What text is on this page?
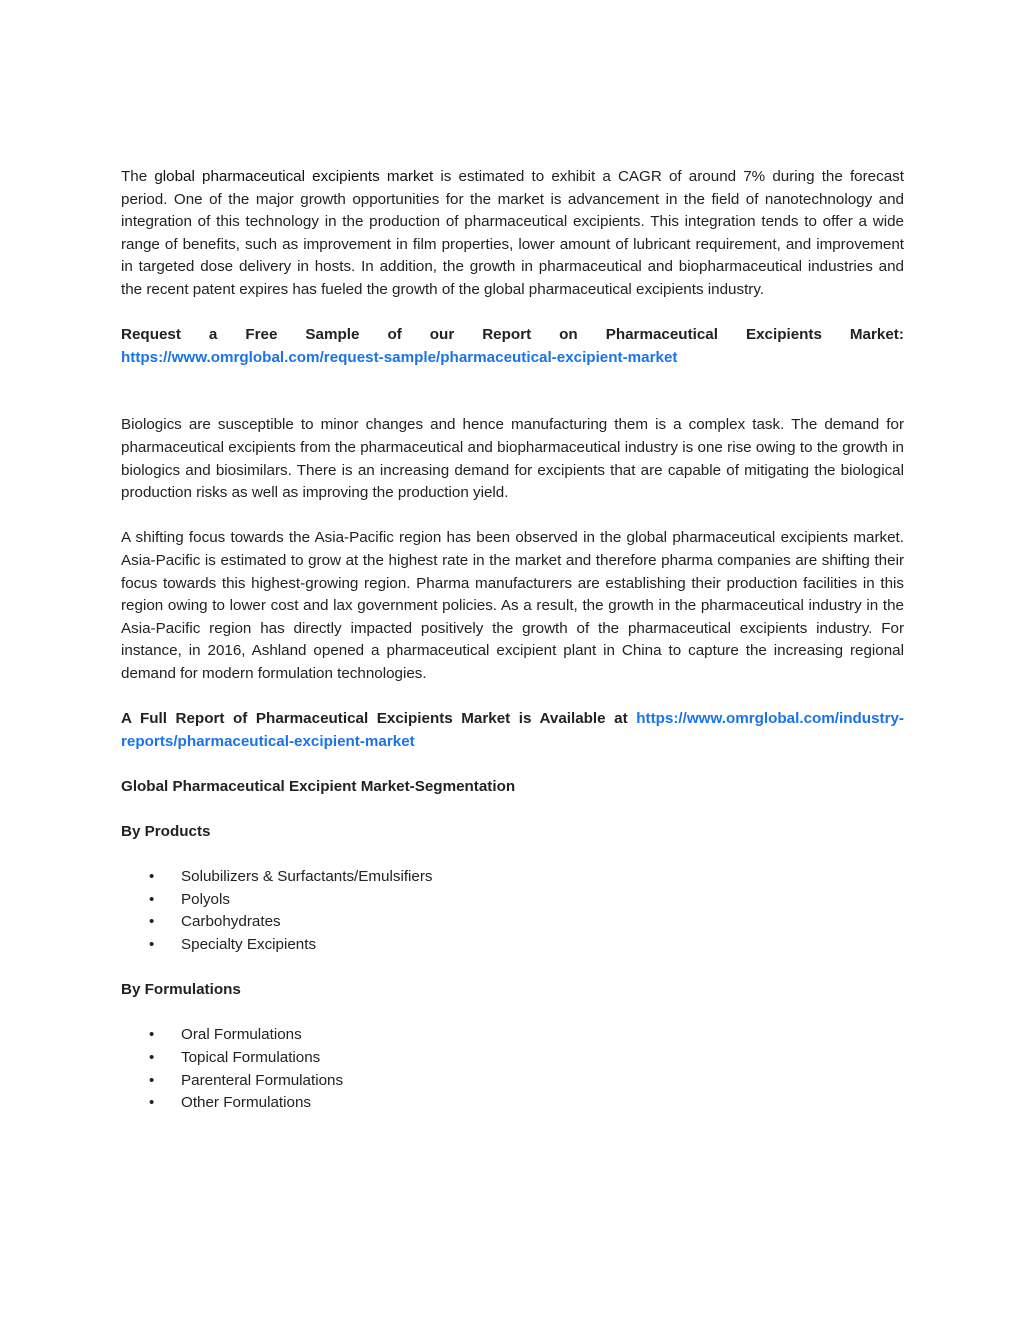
The global pharmaceutical excipients market is estimated to exhibit a CAGR of around 7% during the forecast period. One of the major growth opportunities for the market is advancement in the field of nanotechnology and integration of this technology in the production of pharmaceutical excipients. This integration tends to offer a wide range of benefits, such as improvement in film properties, lower amount of lubricant requirement, and improvement in targeted dose delivery in hosts. In addition, the growth in pharmaceutical and biopharmaceutical industries and the recent patent expires has fueled the growth of the global pharmaceutical excipients industry.

Request a Free Sample of our Report on Pharmaceutical Excipients Market:
https://www.omrglobal.com/request-sample/pharmaceutical-excipient-market

Biologics are susceptible to minor changes and hence manufacturing them is a complex task. The demand for pharmaceutical excipients from the pharmaceutical and biopharmaceutical industry is one rise owing to the growth in biologics and biosimilars. There is an increasing demand for excipients that are capable of mitigating the biological production risks as well as improving the production yield.

A shifting focus towards the Asia-Pacific region has been observed in the global pharmaceutical excipients market. Asia-Pacific is estimated to grow at the highest rate in the market and therefore pharma companies are shifting their focus towards this highest-growing region. Pharma manufacturers are establishing their production facilities in this region owing to lower cost and lax government policies. As a result, the growth in the pharmaceutical industry in the Asia-Pacific region has directly impacted positively the growth of the pharmaceutical excipients industry. For instance, in 2016, Ashland opened a pharmaceutical excipient plant in China to capture the increasing regional demand for modern formulation technologies.

A Full Report of Pharmaceutical Excipients Market is Available at https://www.omrglobal.com/industry-reports/pharmaceutical-excipient-market

Global Pharmaceutical Excipient Market-Segmentation
By Products
• Solubilizers & Surfactants/Emulsifiers
• Polyols
• Carbohydrates
• Specialty Excipients
By Formulations
• Oral Formulations
• Topical Formulations
• Parenteral Formulations
• Other Formulations
